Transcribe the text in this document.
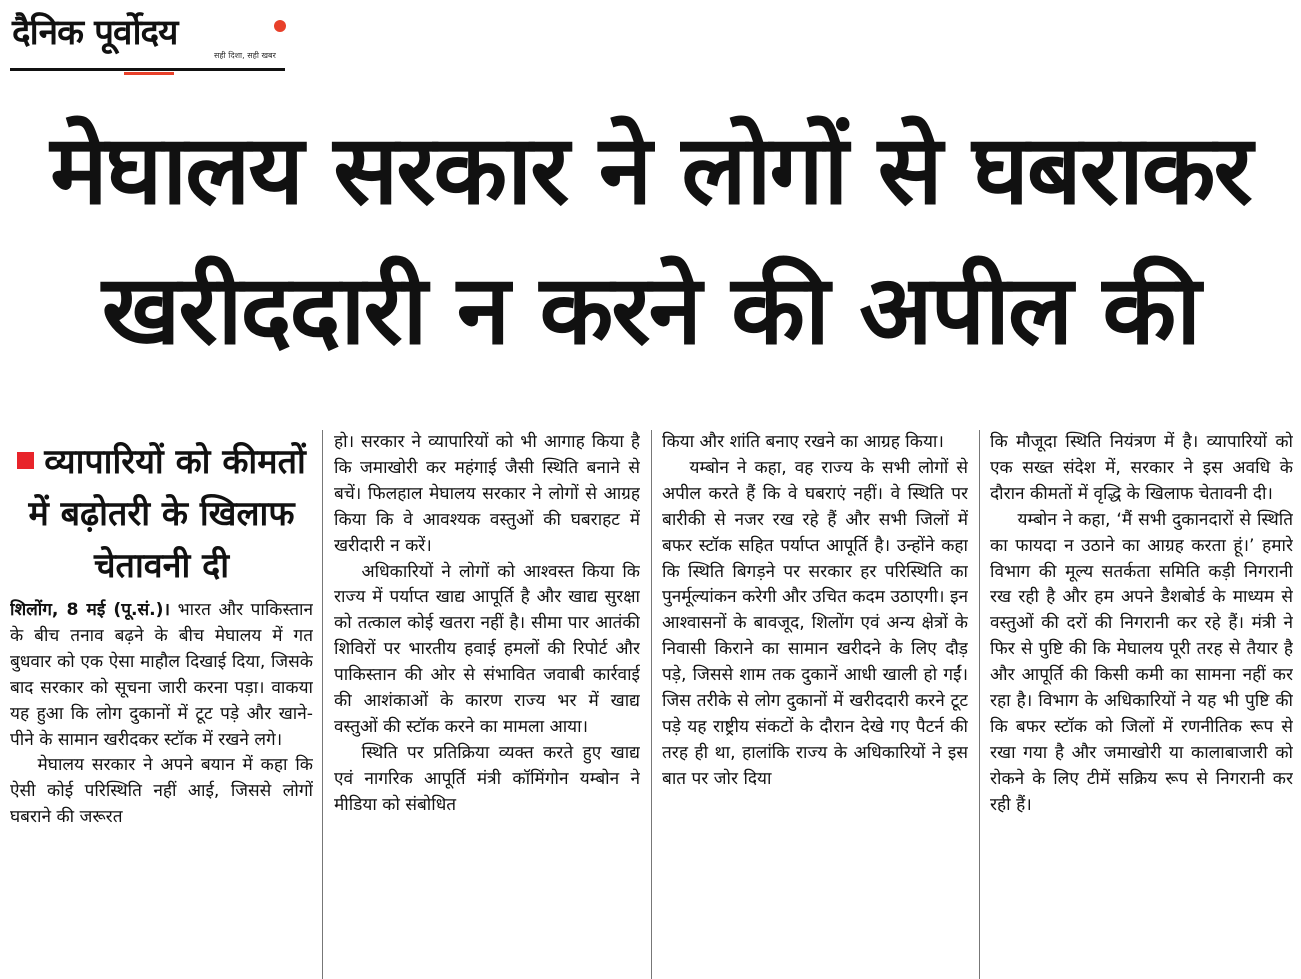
दैनिक पूर्वोदय
सही दिशा, सही खबर
मेघालय सरकार ने लोगों से घबराकर
खरीददारी न करने की अपील की
व्यापारियों को कीमतों में बढ़ोतरी के खिलाफ चेतावनी दी

शिलोंग, 8 मई (पू.सं.)। भारत और पाकिस्तान के बीच तनाव बढ़ने के बीच मेघालय में गत बुधवार को एक ऐसा माहौल दिखाई दिया, जिसके बाद सरकार को सूचना जारी करना पड़ा। वाकया यह हुआ कि लोग दुकानों में टूट पड़े और खाने-पीने के सामान खरीदकर स्टॉक में रखने लगे।

मेघालय सरकार ने अपने बयान में कहा कि ऐसी कोई परिस्थिति नहीं आई, जिससे लोगों घबराने की जरूरत

हो। सरकार ने व्यापारियों को भी आगाह किया है कि जमाखोरी कर महंगाई जैसी स्थिति बनाने से बचें। फिलहाल मेघालय सरकार ने लोगों से आग्रह किया कि वे आवश्यक वस्तुओं की घबराहट में खरीदारी न करें।

अधिकारियों ने लोगों को आश्वस्त किया कि राज्य में पर्याप्त खाद्य आपूर्ति है और खाद्य सुरक्षा को तत्काल कोई खतरा नहीं है। सीमा पार आतंकी शिविरों पर भारतीय हवाई हमलों की रिपोर्ट और पाकिस्तान की ओर से संभावित जवाबी कार्रवाई की आशंकाओं के कारण राज्य भर में खाद्य वस्तुओं की स्टॉक करने का मामला आया।

स्थिति पर प्रतिक्रिया व्यक्त करते हुए खाद्य एवं नागरिक आपूर्ति मंत्री कॉमिंगोन यम्बोन ने मीडिया को संबोधित

किया और शांति बनाए रखने का आग्रह किया।

यम्बोन ने कहा, वह राज्य के सभी लोगों से अपील करते हैं कि वे घबराएं नहीं। वे स्थिति पर बारीकी से नजर रख रहे हैं और सभी जिलों में बफर स्टॉक सहित पर्याप्त आपूर्ति है। उन्होंने कहा कि स्थिति बिगड़ने पर सरकार हर परिस्थिति का पुनर्मूल्यांकन करेगी और उचित कदम उठाएगी। इन आश्वासनों के बावजूद, शिलोंग एवं अन्य क्षेत्रों के निवासी किराने का सामान खरीदने के लिए दौड़ पड़े, जिससे शाम तक दुकानें आधी खाली हो गईं। जिस तरीके से लोग दुकानों में खरीददारी करने टूट पड़े यह राष्ट्रीय संकटों के दौरान देखे गए पैटर्न की तरह ही था, हालांकि राज्य के अधिकारियों ने इस बात पर जोर दिया

कि मौजूदा स्थिति नियंत्रण में है। व्यापारियों को एक सख्त संदेश में, सरकार ने इस अवधि के दौरान कीमतों में वृद्धि के खिलाफ चेतावनी दी।

यम्बोन ने कहा, ‘मैं सभी दुकानदारों से स्थिति का फायदा न उठाने का आग्रह करता हूं।’ हमारे विभाग की मूल्य सतर्कता समिति कड़ी निगरानी रख रही है और हम अपने डैशबोर्ड के माध्यम से वस्तुओं की दरों की निगरानी कर रहे हैं। मंत्री ने फिर से पुष्टि की कि मेघालय पूरी तरह से तैयार है और आपूर्ति की किसी कमी का सामना नहीं कर रहा है। विभाग के अधिकारियों ने यह भी पुष्टि की कि बफर स्टॉक को जिलों में रणनीतिक रूप से रखा गया है और जमाखोरी या कालाबाजारी को रोकने के लिए टीमें सक्रिय रूप से निगरानी कर रही हैं।
